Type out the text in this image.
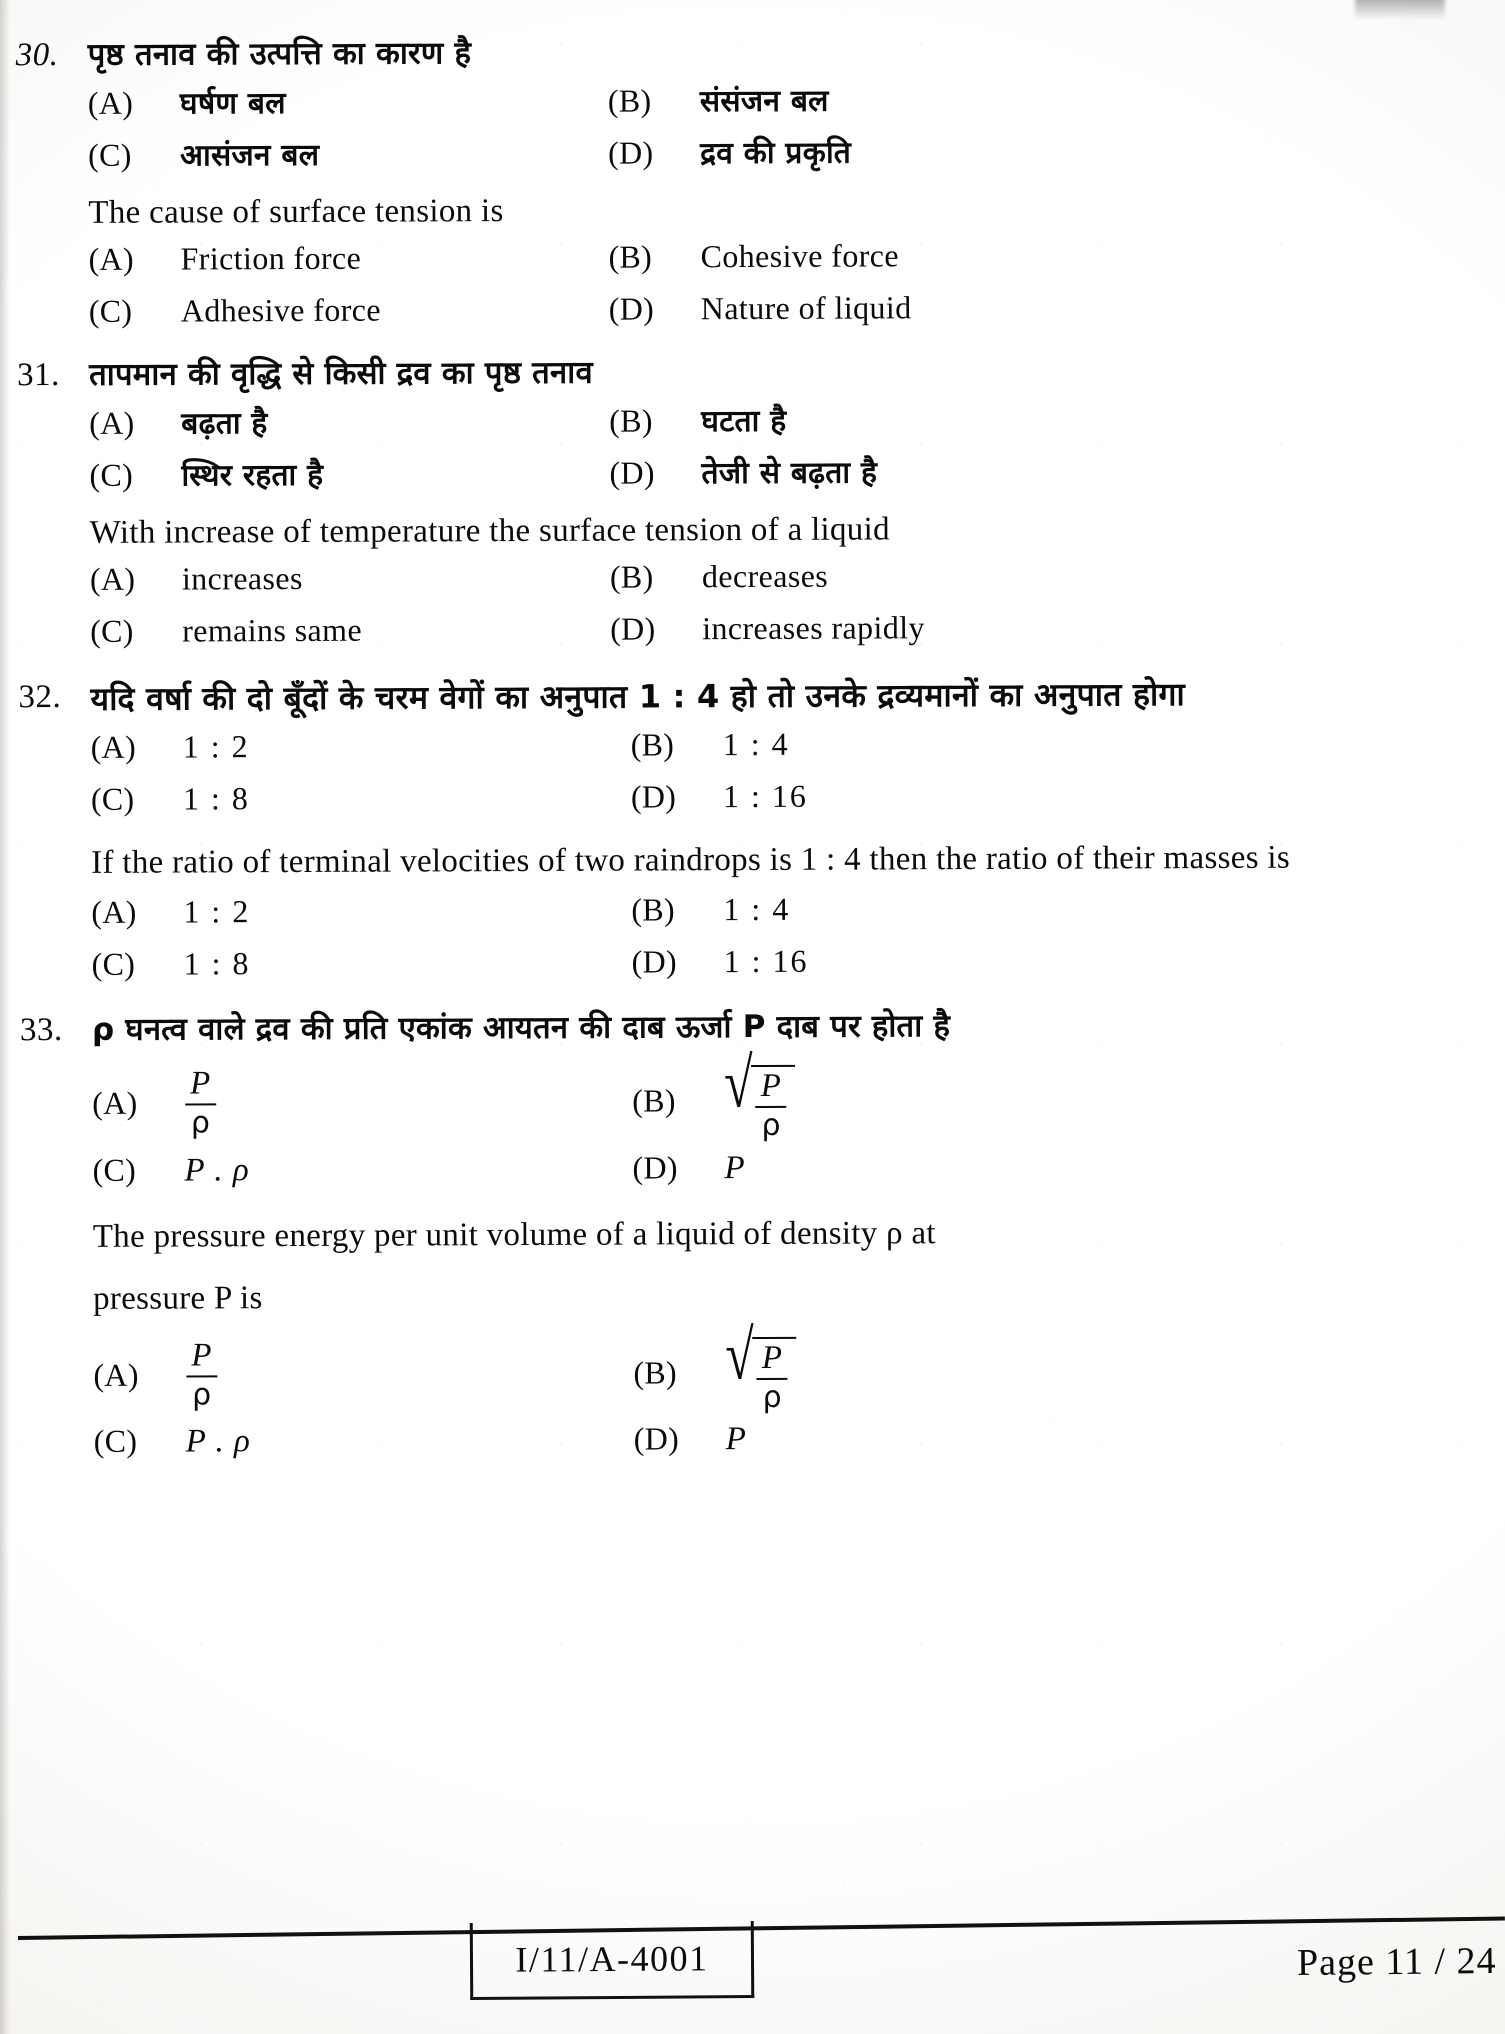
30. पृष्ठ तनाव की उत्पत्ति का कारण है
(A)	घर्षण बल	(B)	संसंजन बल
(C)	आसंजन बल	(D)	द्रव की प्रकृति
The cause of surface tension is
(A)	Friction force	(B)	Cohesive force
(C)	Adhesive force	(D)	Nature of liquid
31. तापमान की वृद्धि से किसी द्रव का पृष्ठ तनाव
(A)	बढ़ता है	(B)	घटता है
(C)	स्थिर रहता है	(D)	तेजी से बढ़ता है
With increase of temperature the surface tension of a liquid
(A)	increases	(B)	decreases
(C)	remains same	(D)	increases rapidly
32. यदि वर्षा की दो बूँदों के चरम वेगों का अनुपात 1 : 4 हो तो उनके द्रव्यमानों का अनुपात होगा
(A)	1 : 2	(B)	1 : 4
(C)	1 : 8	(D)	1 : 16
If the ratio of terminal velocities of two raindrops is 1 : 4 then the ratio of their masses is
(A)	1 : 2	(B)	1 : 4
(C)	1 : 8	(D)	1 : 16
33. ρ घनत्व वाले द्रव की प्रति एकांक आयतन की दाब ऊर्जा P दाब पर होता है
(A)	$\frac{P}{\rho}$	(B) √ $\frac{P}{\rho}$
(C)	P . ρ	(D)	P
The pressure energy per unit volume of a liquid of density ρ at
pressure P is
(A)	$\frac{P}{\rho}$	(B) √ $\frac{P}{\rho}$
(C)	P . ρ	(D)	P
I/11/A-4001	Page 11 / 24
